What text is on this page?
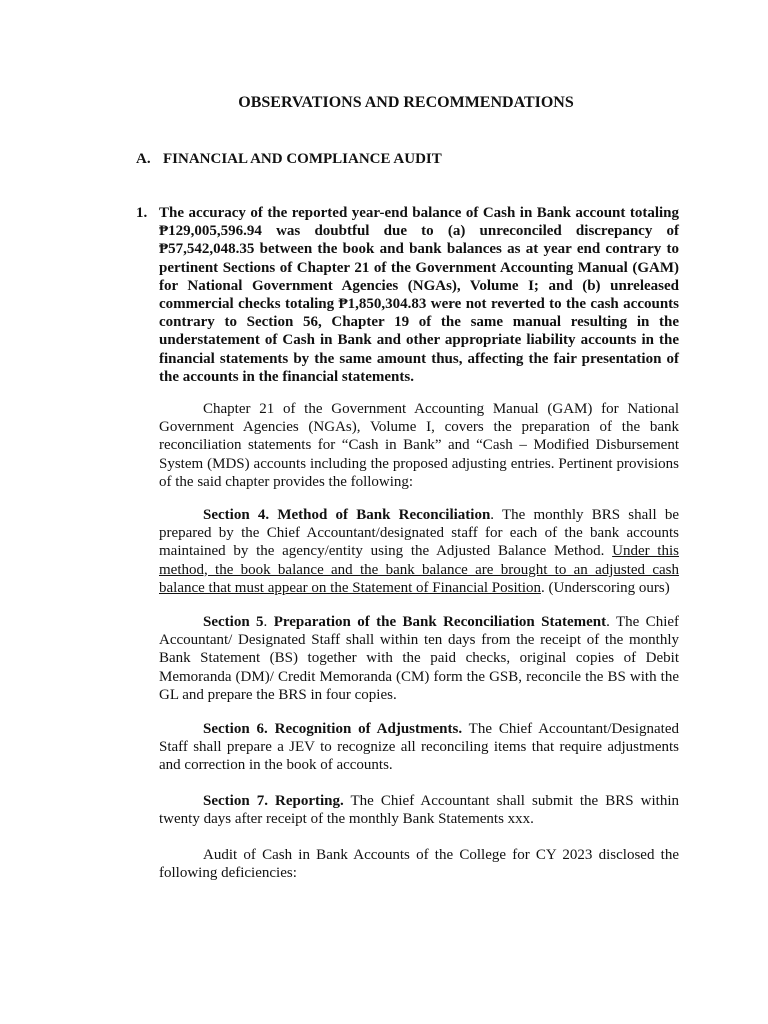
OBSERVATIONS AND RECOMMENDATIONS
A. FINANCIAL AND COMPLIANCE AUDIT
1. The accuracy of the reported year-end balance of Cash in Bank account totaling ₱129,005,596.94 was doubtful due to (a) unreconciled discrepancy of ₱57,542,048.35 between the book and bank balances as at year end contrary to pertinent Sections of Chapter 21 of the Government Accounting Manual (GAM) for National Government Agencies (NGAs), Volume I; and (b) unreleased commercial checks totaling ₱1,850,304.83 were not reverted to the cash accounts contrary to Section 56, Chapter 19 of the same manual resulting in the understatement of Cash in Bank and other appropriate liability accounts in the financial statements by the same amount thus, affecting the fair presentation of the accounts in the financial statements.
Chapter 21 of the Government Accounting Manual (GAM) for National Government Agencies (NGAs), Volume I, covers the preparation of the bank reconciliation statements for “Cash in Bank” and “Cash – Modified Disbursement System (MDS) accounts including the proposed adjusting entries. Pertinent provisions of the said chapter provides the following:
Section 4. Method of Bank Reconciliation. The monthly BRS shall be prepared by the Chief Accountant/designated staff for each of the bank accounts maintained by the agency/entity using the Adjusted Balance Method. Under this method, the book balance and the bank balance are brought to an adjusted cash balance that must appear on the Statement of Financial Position. (Underscoring ours)
Section 5. Preparation of the Bank Reconciliation Statement. The Chief Accountant/ Designated Staff shall within ten days from the receipt of the monthly Bank Statement (BS) together with the paid checks, original copies of Debit Memoranda (DM)/ Credit Memoranda (CM) form the GSB, reconcile the BS with the GL and prepare the BRS in four copies.
Section 6. Recognition of Adjustments. The Chief Accountant/Designated Staff shall prepare a JEV to recognize all reconciling items that require adjustments and correction in the book of accounts.
Section 7. Reporting. The Chief Accountant shall submit the BRS within twenty days after receipt of the monthly Bank Statements xxx.
Audit of Cash in Bank Accounts of the College for CY 2023 disclosed the following deficiencies:
